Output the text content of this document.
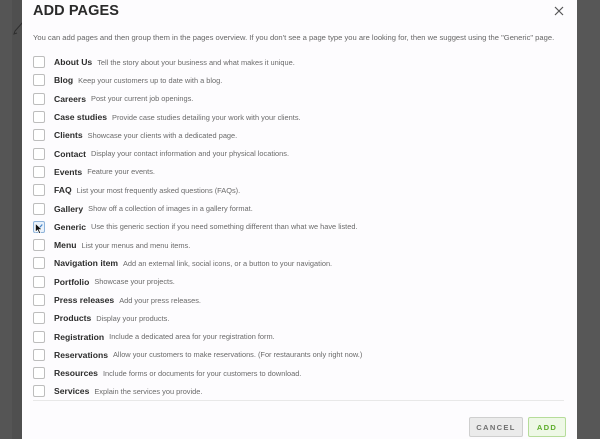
ADD PAGES
You can add pages and then group them in the pages overview. If you don't see a page type you are looking for, then we suggest using the "Generic" page.
About Us Tell the story about your business and what makes it unique.
Blog Keep your customers up to date with a blog.
Careers Post your current job openings.
Case studies Provide case studies detailing your work with your clients.
Clients Showcase your clients with a dedicated page.
Contact Display your contact information and your physical locations.
Events Feature your events.
FAQ List your most frequently asked questions (FAQs).
Gallery Show off a collection of images in a gallery format.
Generic Use this generic section if you need something different than what we have listed.
Menu List your menus and menu items.
Navigation item Add an external link, social icons, or a button to your navigation.
Portfolio Showcase your projects.
Press releases Add your press releases.
Products Display your products.
Registration Include a dedicated area for your registration form.
Reservations Allow your customers to make reservations. (For restaurants only right now.)
Resources Include forms or documents for your customers to download.
Services Explain the services you provide.
CANCEL	ADD
